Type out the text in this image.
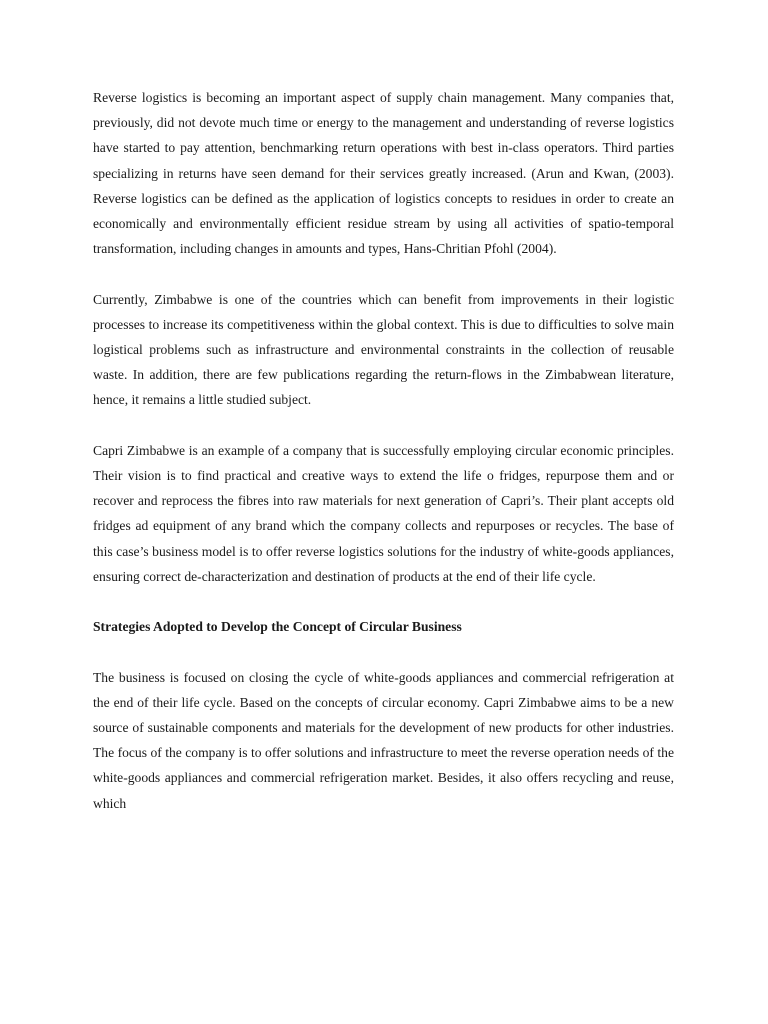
Reverse logistics is becoming an important aspect of supply chain management. Many companies that, previously, did not devote much time or energy to the management and understanding of reverse logistics have started to pay attention, benchmarking return operations with best in-class operators. Third parties specializing in returns have seen demand for their services greatly increased. (Arun and Kwan, (2003). Reverse logistics can be defined as the application of logistics concepts to residues in order to create an economically and environmentally efficient residue stream by using all activities of spatio-temporal transformation, including changes in amounts and types, Hans-Chritian Pfohl (2004).

Currently, Zimbabwe is one of the countries which can benefit from improvements in their logistic processes to increase its competitiveness within the global context. This is due to difficulties to solve main logistical problems such as infrastructure and environmental constraints in the collection of reusable waste. In addition, there are few publications regarding the return-flows in the Zimbabwean literature, hence, it remains a little studied subject.

Capri Zimbabwe is an example of a company that is successfully employing circular economic principles. Their vision is to find practical and creative ways to extend the life o fridges, repurpose them and or recover and reprocess the fibres into raw materials for next generation of Capri’s. Their plant accepts old fridges ad equipment of any brand which the company collects and repurposes or recycles. The base of this case’s business model is to offer reverse logistics solutions for the industry of white-goods appliances, ensuring correct de-characterization and destination of products at the end of their life cycle.

Strategies Adopted to Develop the Concept of Circular Business

The business is focused on closing the cycle of white-goods appliances and commercial refrigeration at the end of their life cycle. Based on the concepts of circular economy. Capri Zimbabwe aims to be a new source of sustainable components and materials for the development of new products for other industries. The focus of the company is to offer solutions and infrastructure to meet the reverse operation needs of the white-goods appliances and commercial refrigeration market. Besides, it also offers recycling and reuse, which
